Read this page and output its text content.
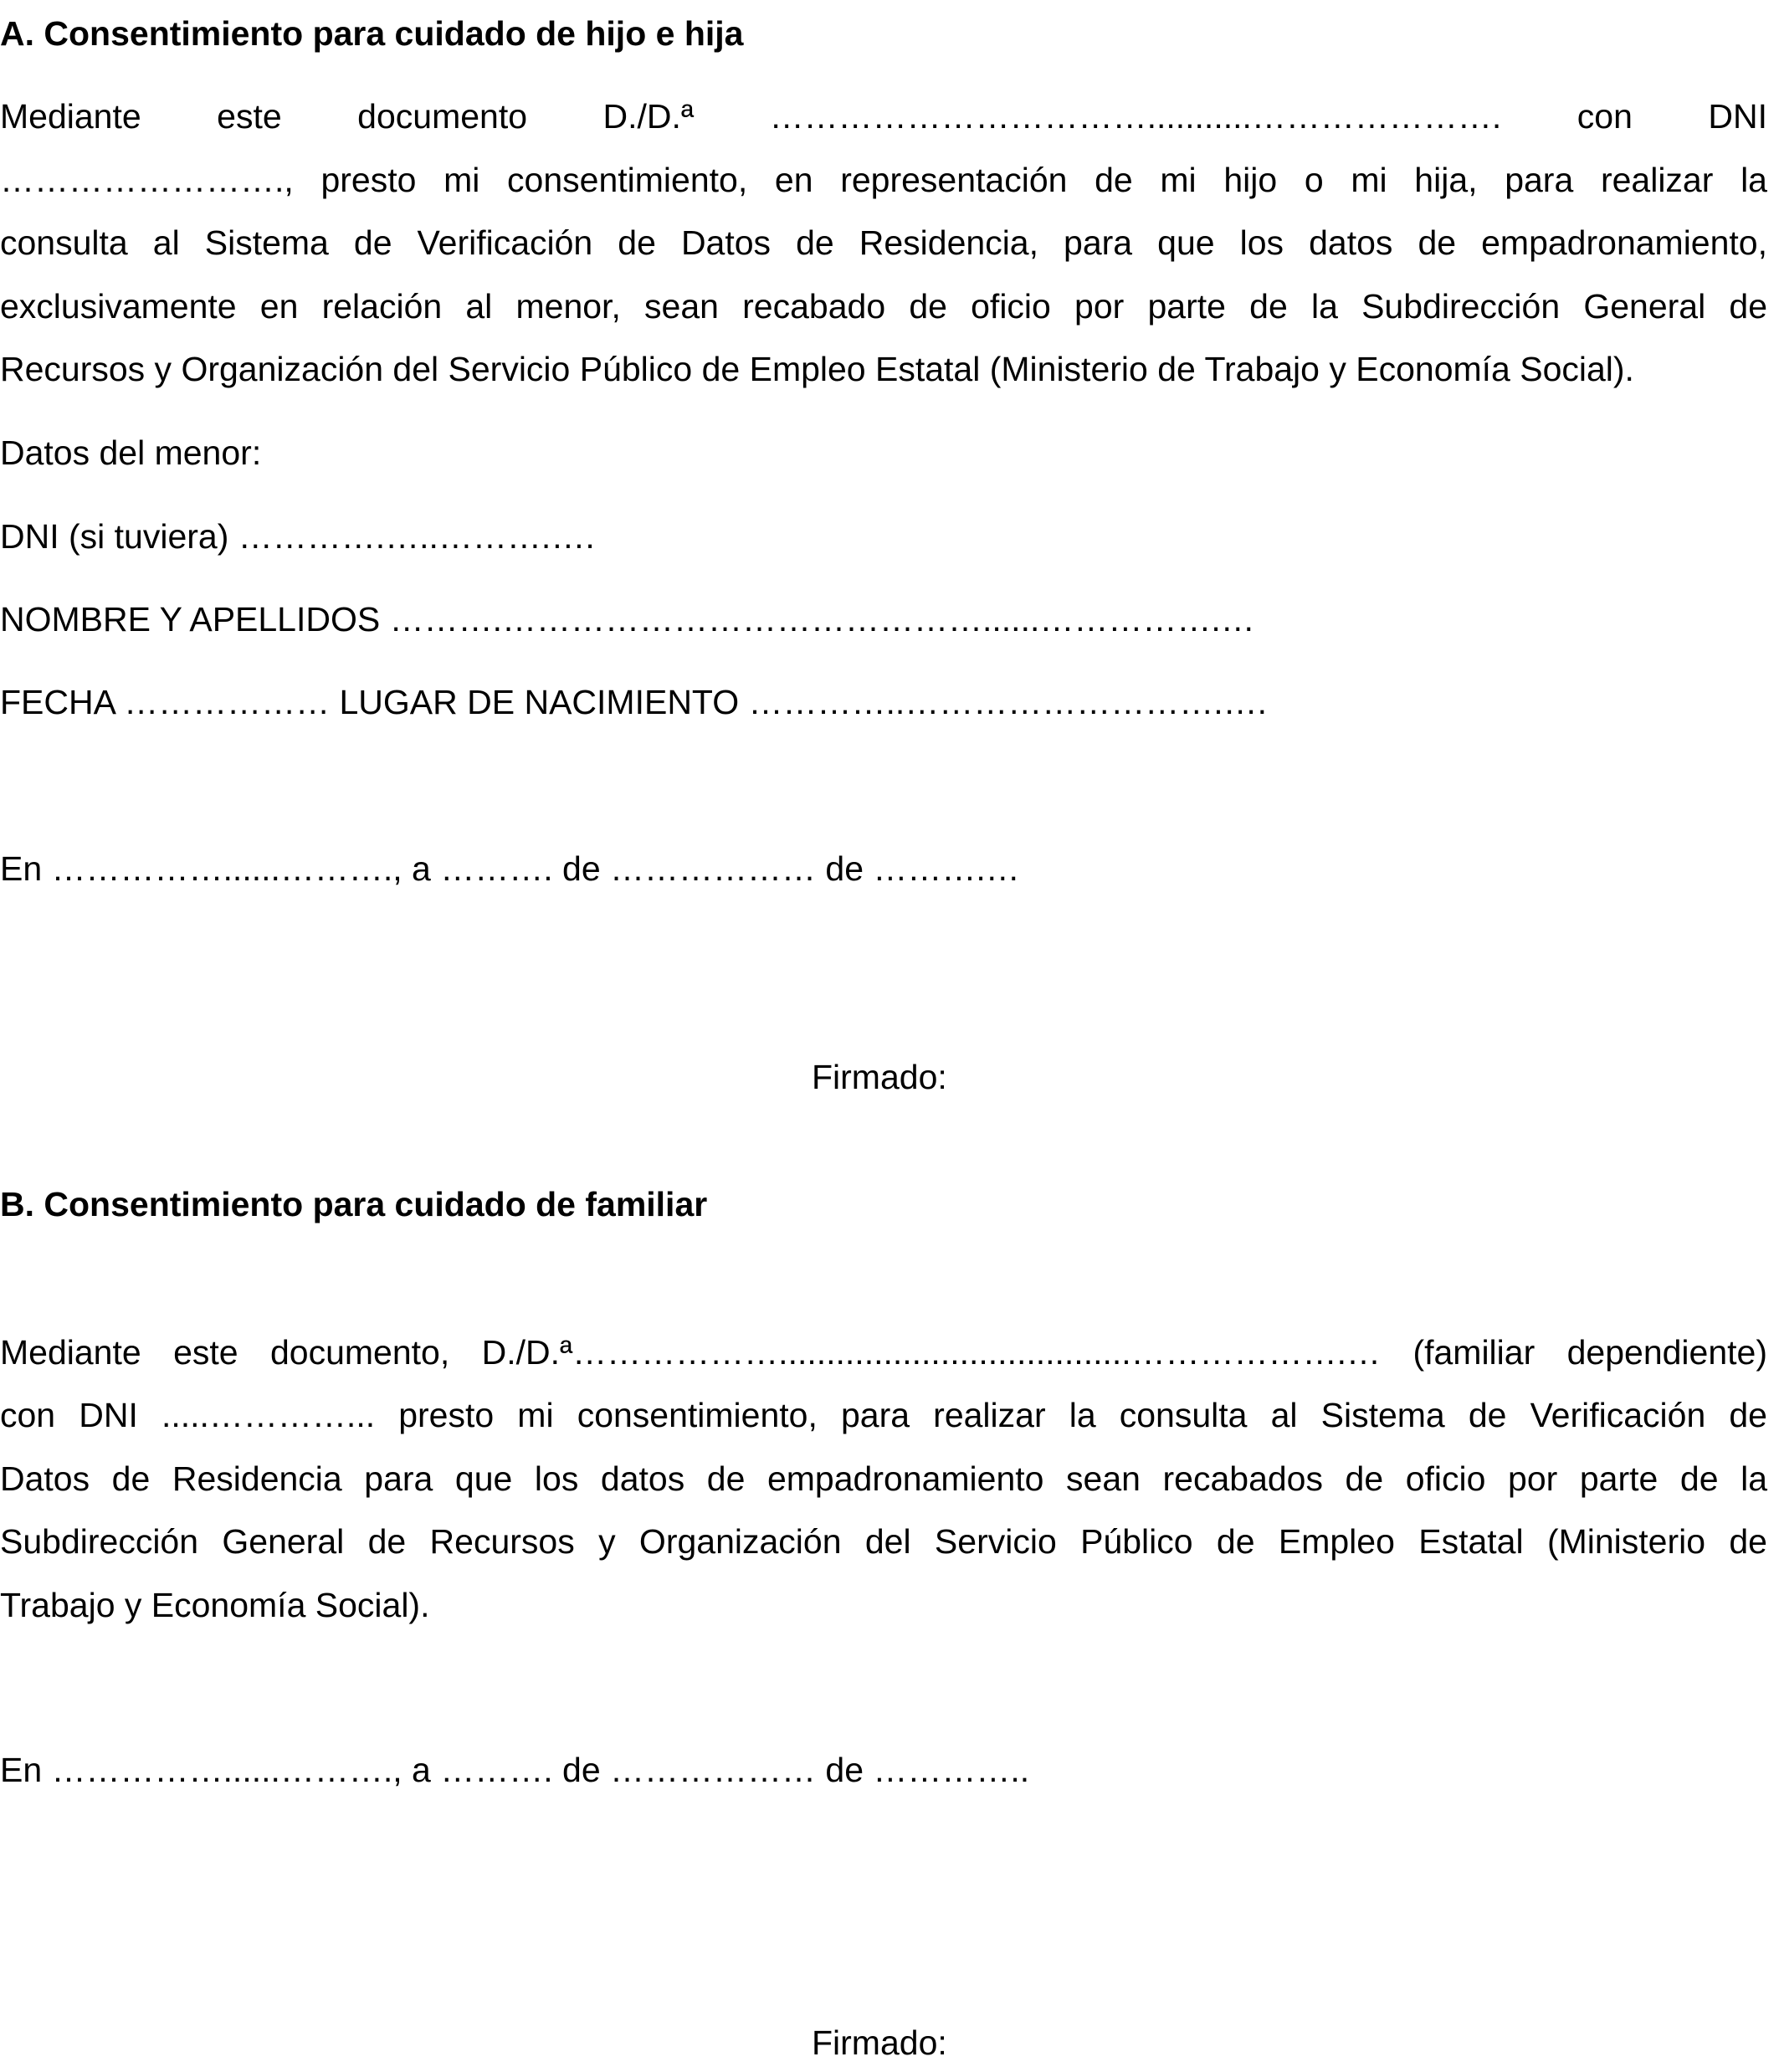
A. Consentimiento para cuidado de hijo e hija
Mediante este documento D./D.ª ……………………………...........…………………. con DNI
……………………., presto mi consentimiento, en representación de mi hijo o mi hija, para realizar la
consulta al Sistema de Verificación de Datos de Residencia, para que los datos de empadronamiento,
exclusivamente en relación al menor, sean recabado de oficio por parte de la Subdirección General de
Recursos y Organización del Servicio Público de Empleo Estatal (Ministerio de Trabajo y Economía Social).
Datos del menor:
DNI (si tuviera) ………….…..……….….
NOMBRE Y APELLIDOS ……….……………………………………......…………….…
FECHA ……………… LUGAR DE NACIMIENTO …………..……………………….….
En ……………......………., a ………. de ……………… de ……….…
Firmado:
B. Consentimiento para cuidado de familiar
Mediante este documento, D./D.ª……………….....................................……………….… (familiar dependiente)
con DNI .....…………... presto mi consentimiento, para realizar la consulta al Sistema de Verificación de
Datos de Residencia para que los datos de empadronamiento sean recabados de oficio por parte de la
Subdirección General de Recursos y Organización del Servicio Público de Empleo Estatal (Ministerio de
Trabajo y Economía Social).
En ……………......………., a ………. de ……………… de …………..
Firmado:
